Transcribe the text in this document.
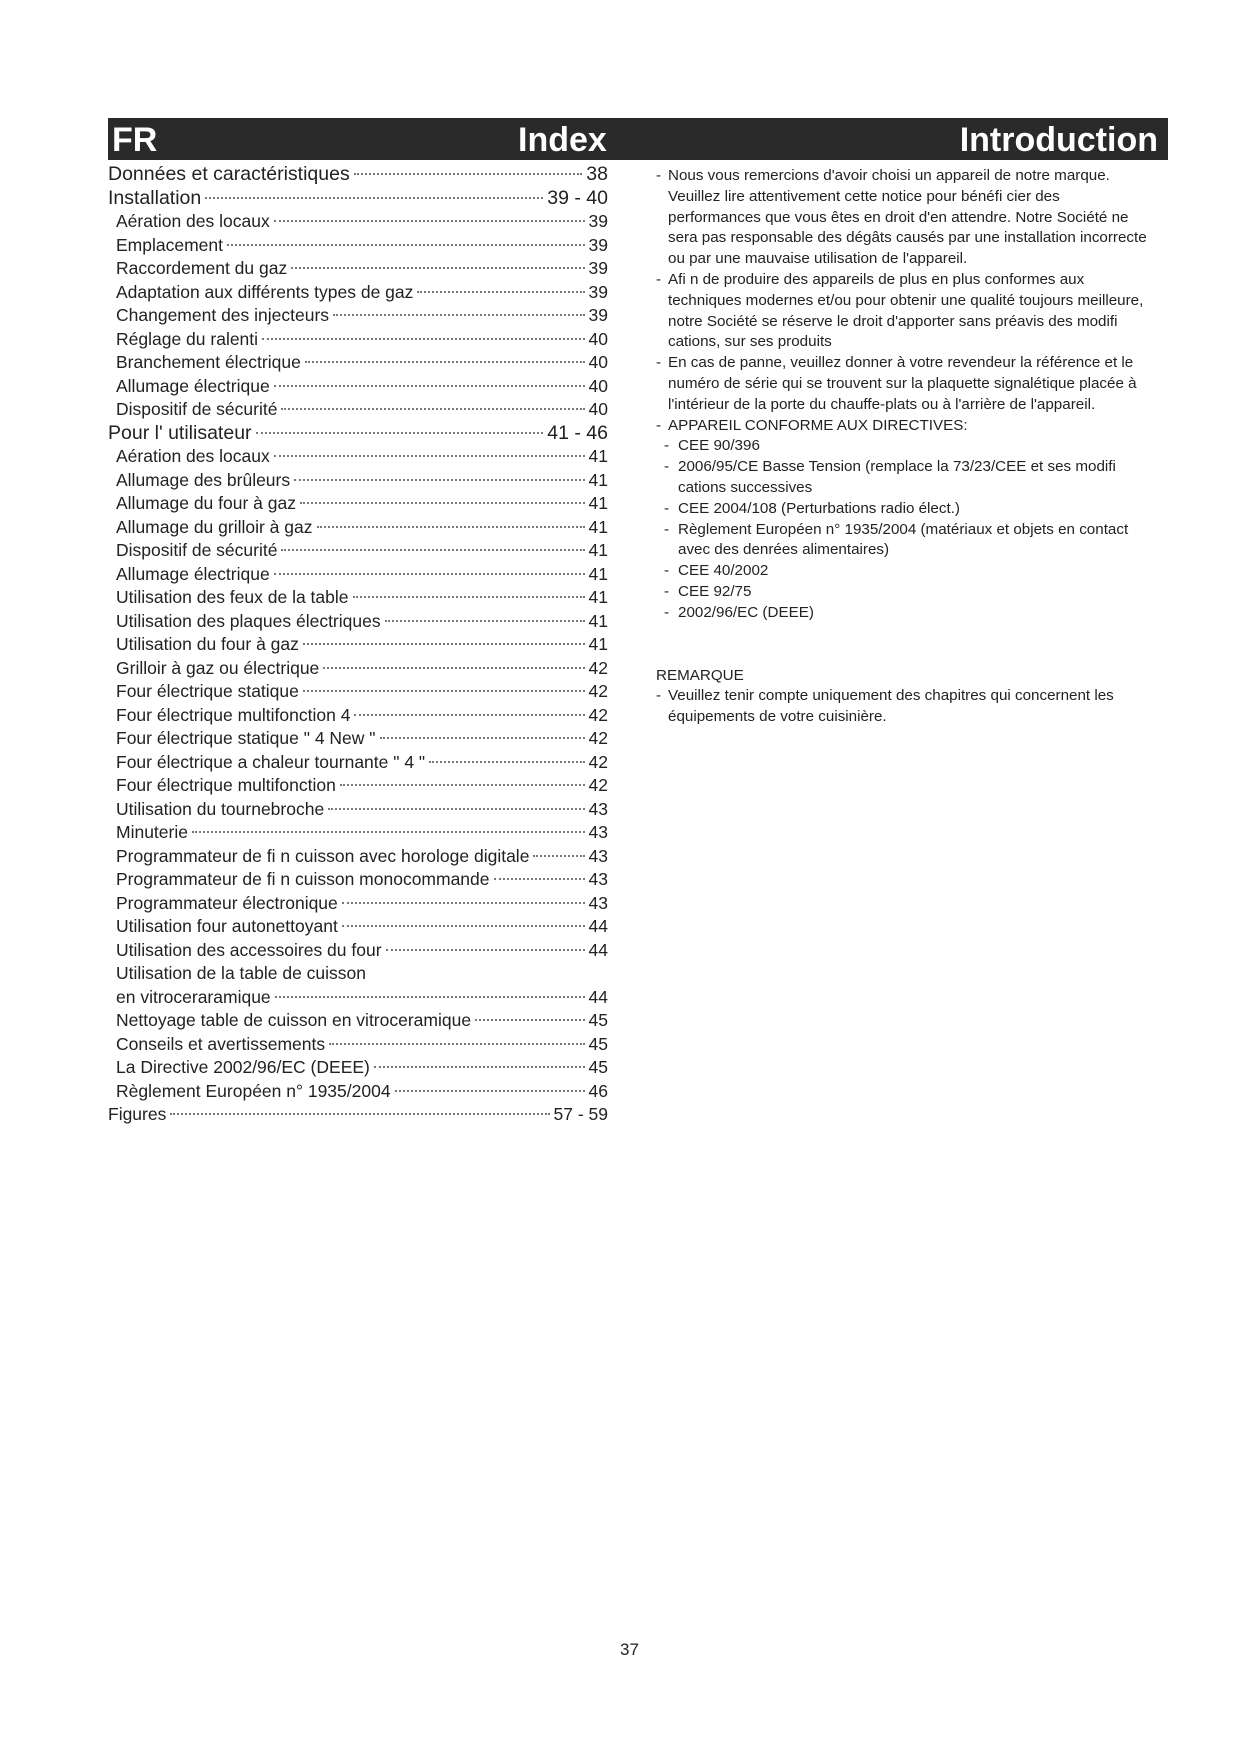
FR	Index	Introduction
Données et caractéristiques	38
Installation	39 - 40
Aération des locaux	39
Emplacement	39
Raccordement du gaz	39
Adaptation aux différents types de gaz	39
Changement des injecteurs	39
Réglage du ralenti	40
Branchement électrique	40
Allumage électrique	40
Dispositif de sécurité	40
Pour l' utilisateur	41 - 46
Aération des locaux	41
Allumage des brûleurs	41
Allumage du four à gaz	41
Allumage du grilloir à gaz	41
Dispositif de sécurité	41
Allumage électrique	41
Utilisation des feux de la table	41
Utilisation des plaques électriques	41
Utilisation du four à gaz	41
Grilloir à gaz ou électrique	42
Four électrique statique	42
Four électrique multifonction 4	42
Four électrique statique " 4 New "	42
Four électrique a chaleur tournante " 4 "	42
Four électrique multifonction	42
Utilisation du tournebroche	43
Minuterie	43
Programmateur de fi n cuisson avec horologe digitale	43
Programmateur de fi n cuisson monocommande	43
Programmateur électronique	43
Utilisation four autonettoyant	44
Utilisation des accessoires du four	44
Utilisation de la table de cuisson
en vitroceraramique	44
Nettoyage table de cuisson en vitroceramique	45
Conseils et avertissements	45
La Directive 2002/96/EC (DEEE)	45
Règlement Européen n° 1935/2004	46
Figures	57 - 59
- Nous vous remercions d'avoir choisi un appareil de notre marque. Veuillez lire attentivement cette notice pour bénéfi cier des performances que vous êtes en droit d'en attendre. Notre Société ne sera pas responsable des dégâts causés par une installation incorrecte ou par une mauvaise utilisation de l'appareil.
- Afi n de produire des appareils de plus en plus conformes aux techniques modernes et/ou pour obtenir une qualité toujours meilleure, notre Société se réserve le droit d'apporter sans préavis des modifi cations, sur ses produits
- En cas de panne, veuillez donner à votre revendeur la référence et le numéro de série qui se trouvent sur la plaquette signalétique placée à l'intérieur de la porte du chauffe-plats ou à l'arrière de l'appareil.
- APPAREIL CONFORME AUX DIRECTIVES:
- CEE 90/396
- 2006/95/CE Basse Tension (remplace la 73/23/CEE et ses modifi cations successives
- CEE 2004/108 (Perturbations radio élect.)
- Règlement Européen n° 1935/2004 (matériaux et objets en contact avec des denrées alimentaires)
- CEE 40/2002
- CEE 92/75
- 2002/96/EC (DEEE)
REMARQUE
- Veuillez tenir compte uniquement des chapitres qui concernent les équipements de votre cuisinière.
37
